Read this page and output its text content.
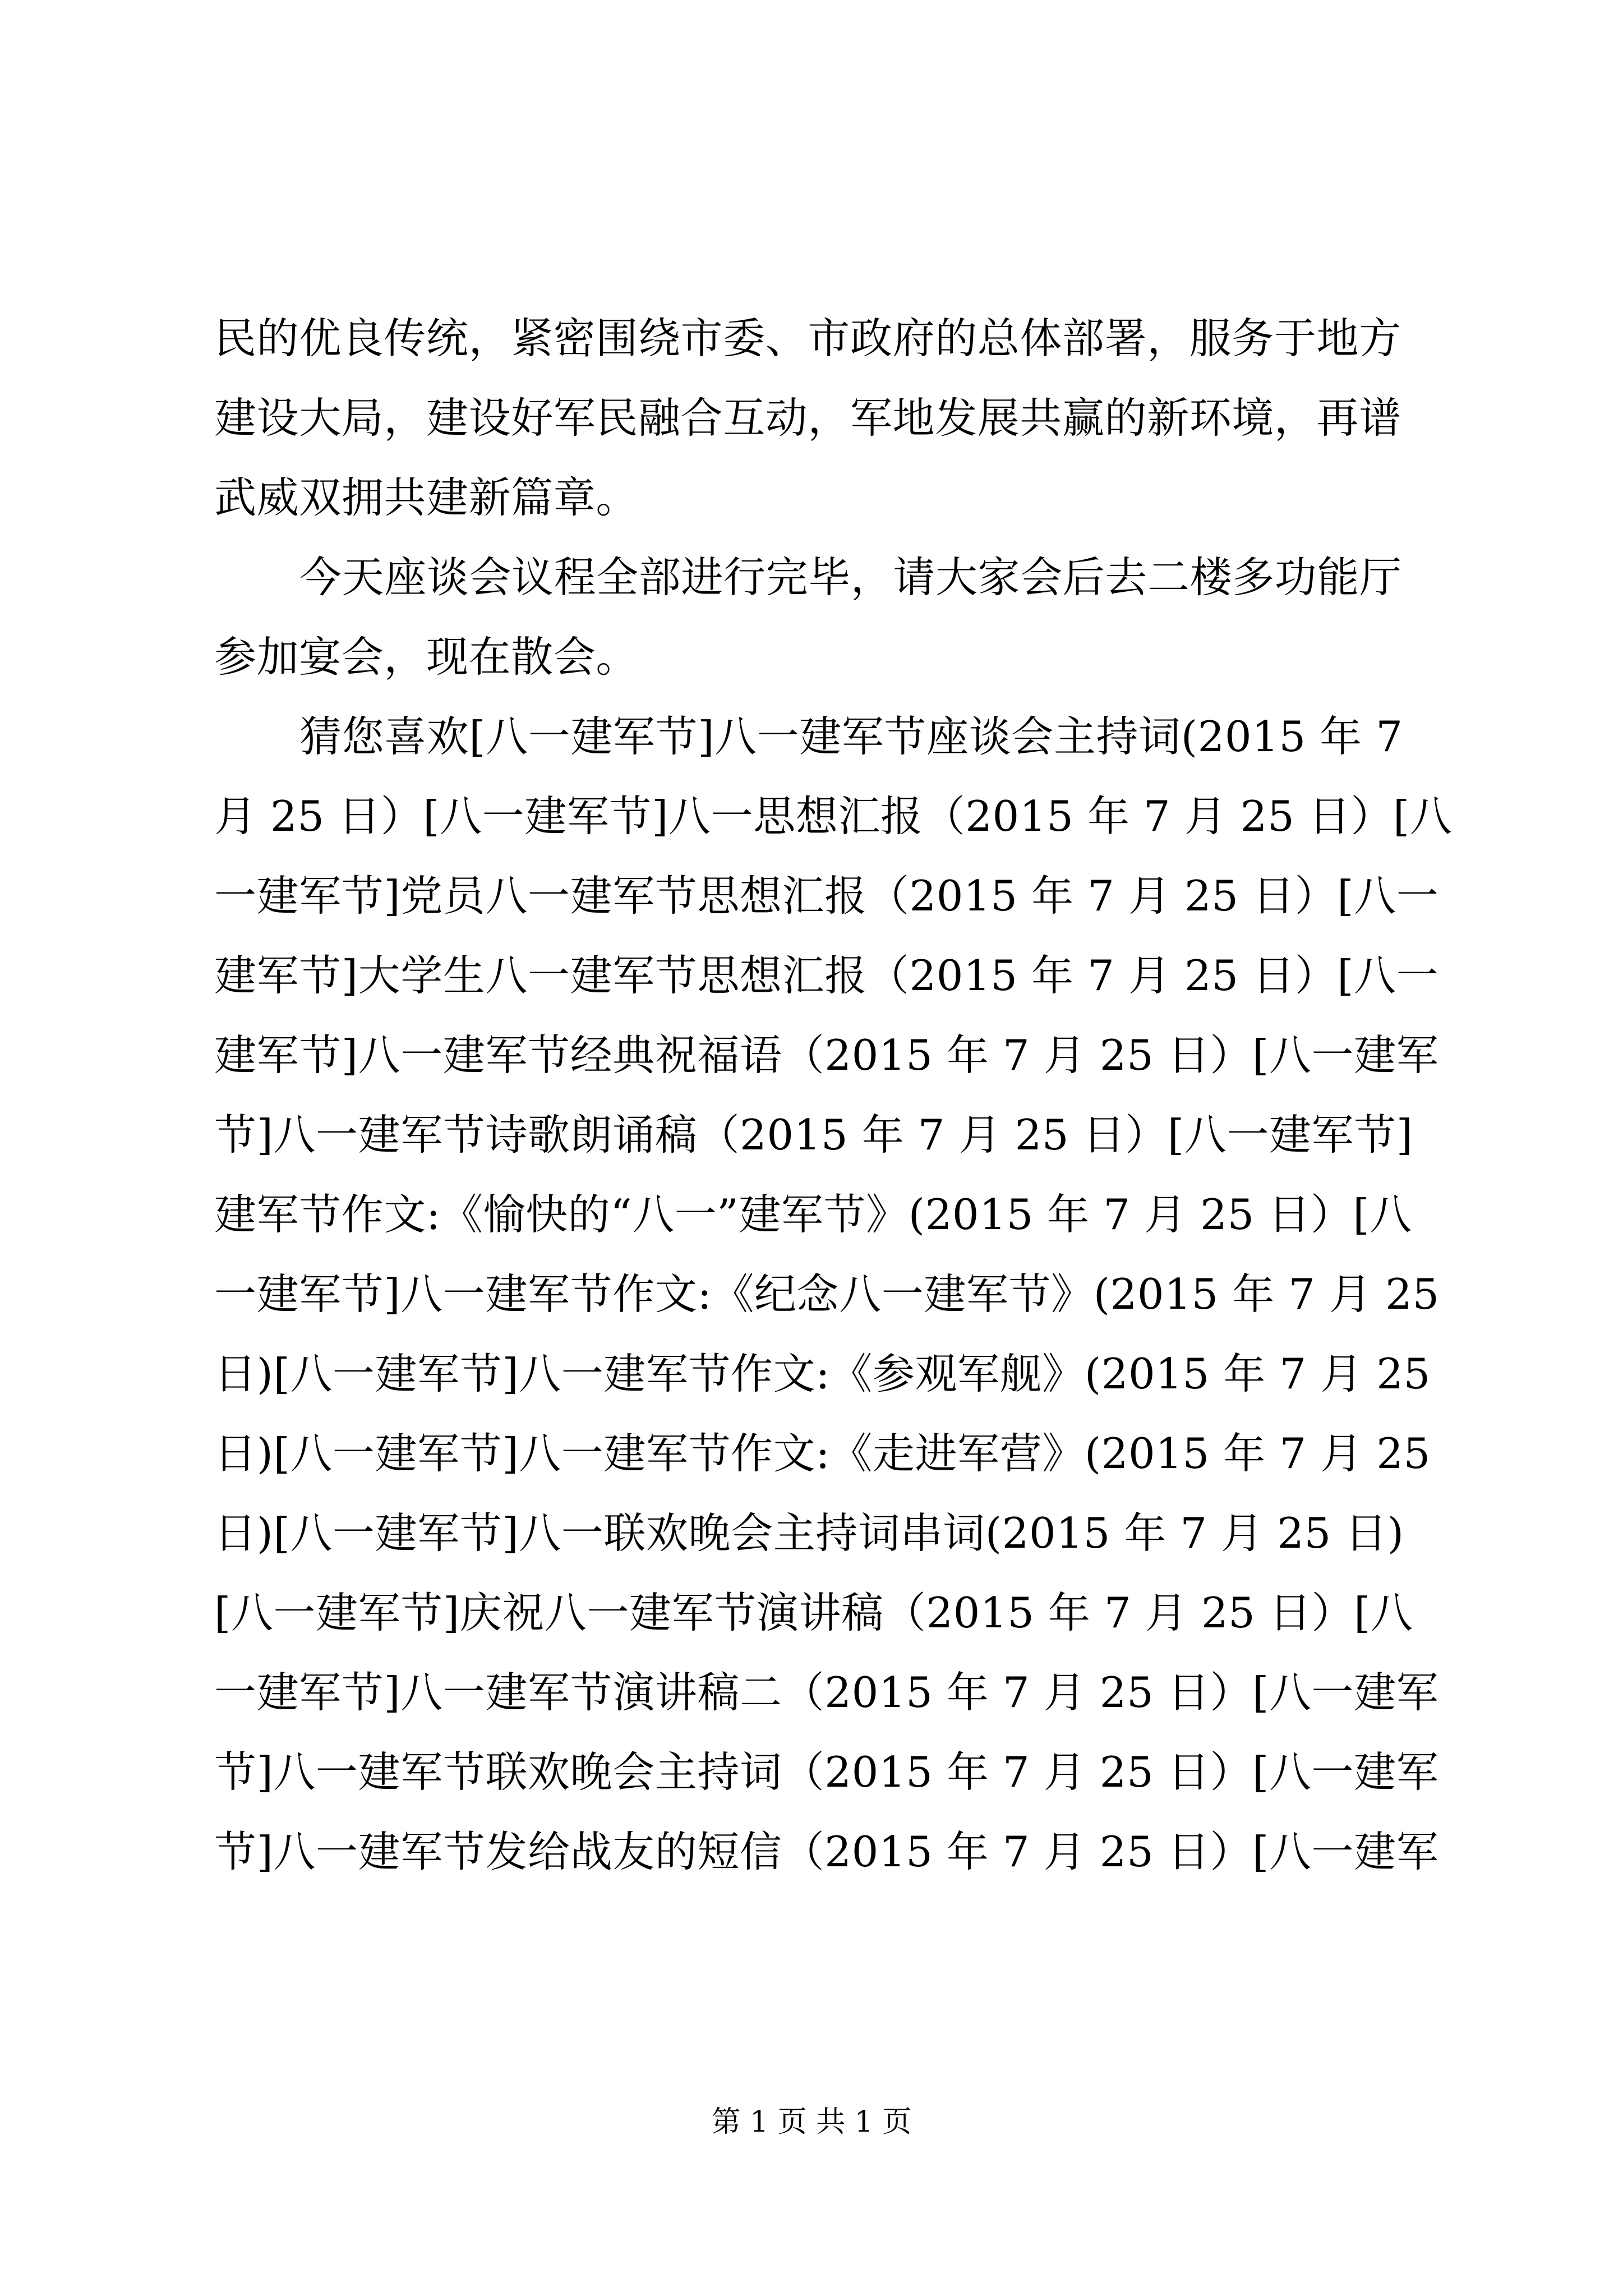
民的优良传统，紧密围绕市委、市政府的总体部署，服务于地方
建设大局，建设好军民融合互动，军地发展共赢的新环境，再谱
武威双拥共建新篇章。
今天座谈会议程全部进行完毕，请大家会后去二楼多功能厅
参加宴会，现在散会。
猜您喜欢[八一建军节]八一建军节座谈会主持词(2015 年 7
月 25 日）[八一建军节]八一思想汇报（2015 年 7 月 25 日）[八
一建军节]党员八一建军节思想汇报（2015 年 7 月 25 日）[八一
建军节]大学生八一建军节思想汇报（2015 年 7 月 25 日）[八一
建军节]八一建军节经典祝福语（2015 年 7 月 25 日）[八一建军
节]八一建军节诗歌朗诵稿（2015 年 7 月 25 日）[八一建军节]
建军节作文:《愉快的“八一”建军节》(2015 年 7 月 25 日）[八
一建军节]八一建军节作文:《纪念八一建军节》(2015 年 7 月 25
日)[八一建军节]八一建军节作文:《参观军舰》(2015 年 7 月 25
日)[八一建军节]八一建军节作文:《走进军营》(2015 年 7 月 25
日)[八一建军节]八一联欢晚会主持词串词(2015 年 7 月 25 日)
[八一建军节]庆祝八一建军节演讲稿（2015 年 7 月 25 日）[八
一建军节]八一建军节演讲稿二（2015 年 7 月 25 日）[八一建军
节]八一建军节联欢晚会主持词（2015 年 7 月 25 日）[八一建军
节]八一建军节发给战友的短信（2015 年 7 月 25 日）[八一建军
第 1 页 共 1 页
